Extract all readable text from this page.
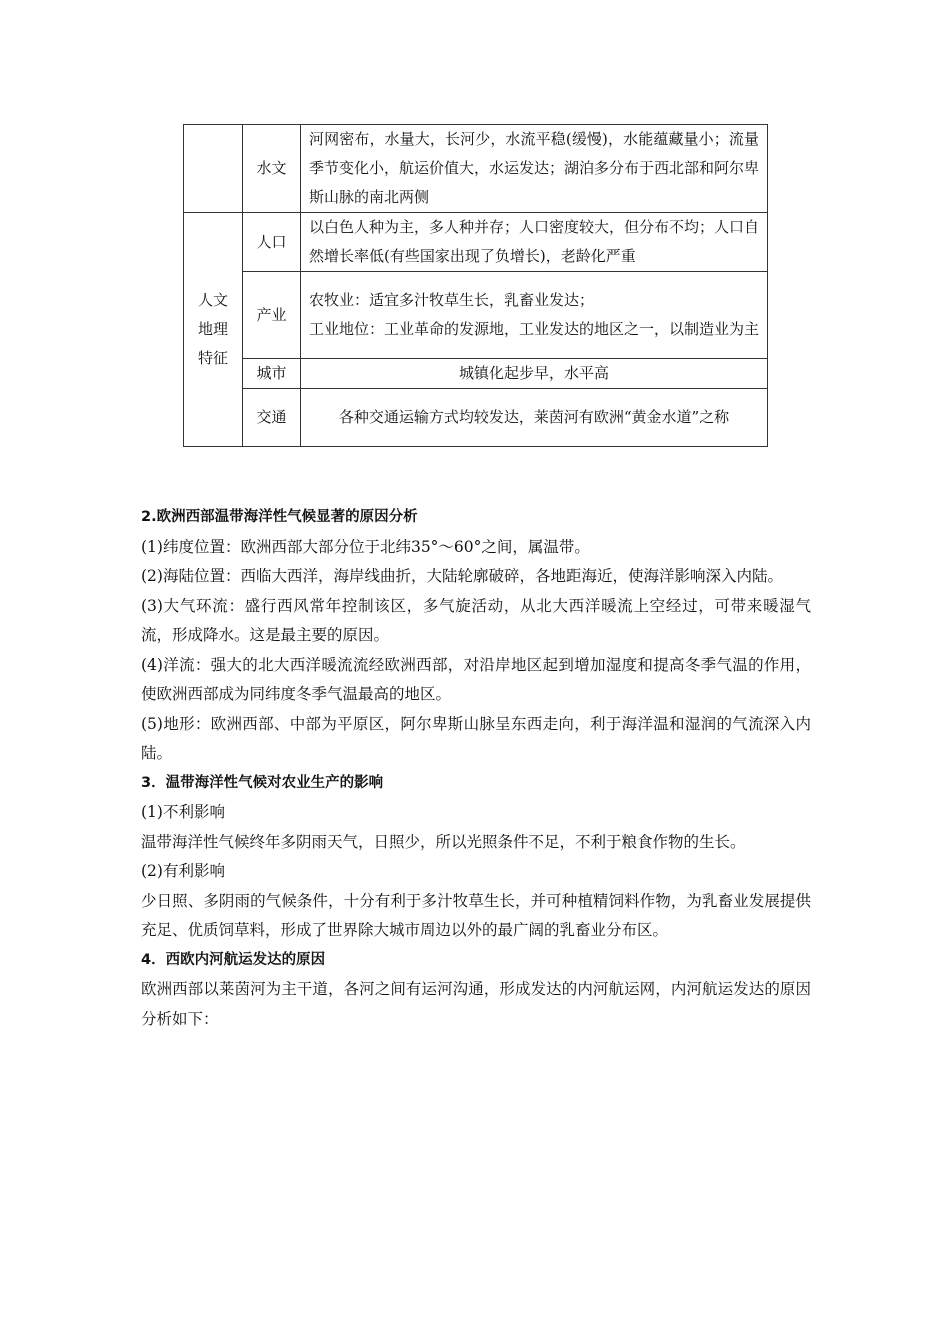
	水文	河网密布，水量大，长河少，水流平稳(缓慢)，水能蕴藏量小；流量季节变化小，航运价值大，水运发达；湖泊多分布于西北部和阿尔卑斯山脉的南北两侧

人文地理特征	人口	以白色人种为主，多人种并存；人口密度较大，但分布不均；人口自然增长率低(有些国家出现了负增长)，老龄化严重
	产业	农牧业：适宜多汁牧草生长，乳畜业发达；
工业地位：工业革命的发源地，工业发达的地区之一，以制造业为主

	城市	城镇化起步早，水平高
	交通	各种交通运输方式均较发达，莱茵河有欧洲“黄金水道”之称

2.欧洲西部温带海洋性气候显著的原因分析

(1)纬度位置：欧洲西部大部分位于北纬35°～60°之间，属温带。

(2)海陆位置：西临大西洋，海岸线曲折，大陆轮廓破碎，各地距海近，使海洋影响深入内陆。

(3)大气环流：盛行西风常年控制该区，多气旋活动，从北大西洋暖流上空经过，可带来暖湿气流，形成降水。这是最主要的原因。

(4)洋流：强大的北大西洋暖流流经欧洲西部，对沿岸地区起到增加湿度和提高冬季气温的作用，使欧洲西部成为同纬度冬季气温最高的地区。

(5)地形：欧洲西部、中部为平原区，阿尔卑斯山脉呈东西走向，利于海洋温和湿润的气流深入内陆。

3．温带海洋性气候对农业生产的影响

(1)不利影响

温带海洋性气候终年多阴雨天气，日照少，所以光照条件不足，不利于粮食作物的生长。

(2)有利影响

少日照、多阴雨的气候条件，十分有利于多汁牧草生长，并可种植精饲料作物，为乳畜业发展提供充足、优质饲草料，形成了世界除大城市周边以外的最广阔的乳畜业分布区。

4．西欧内河航运发达的原因

欧洲西部以莱茵河为主干道，各河之间有运河沟通，形成发达的内河航运网，内河航运发达的原因分析如下：
